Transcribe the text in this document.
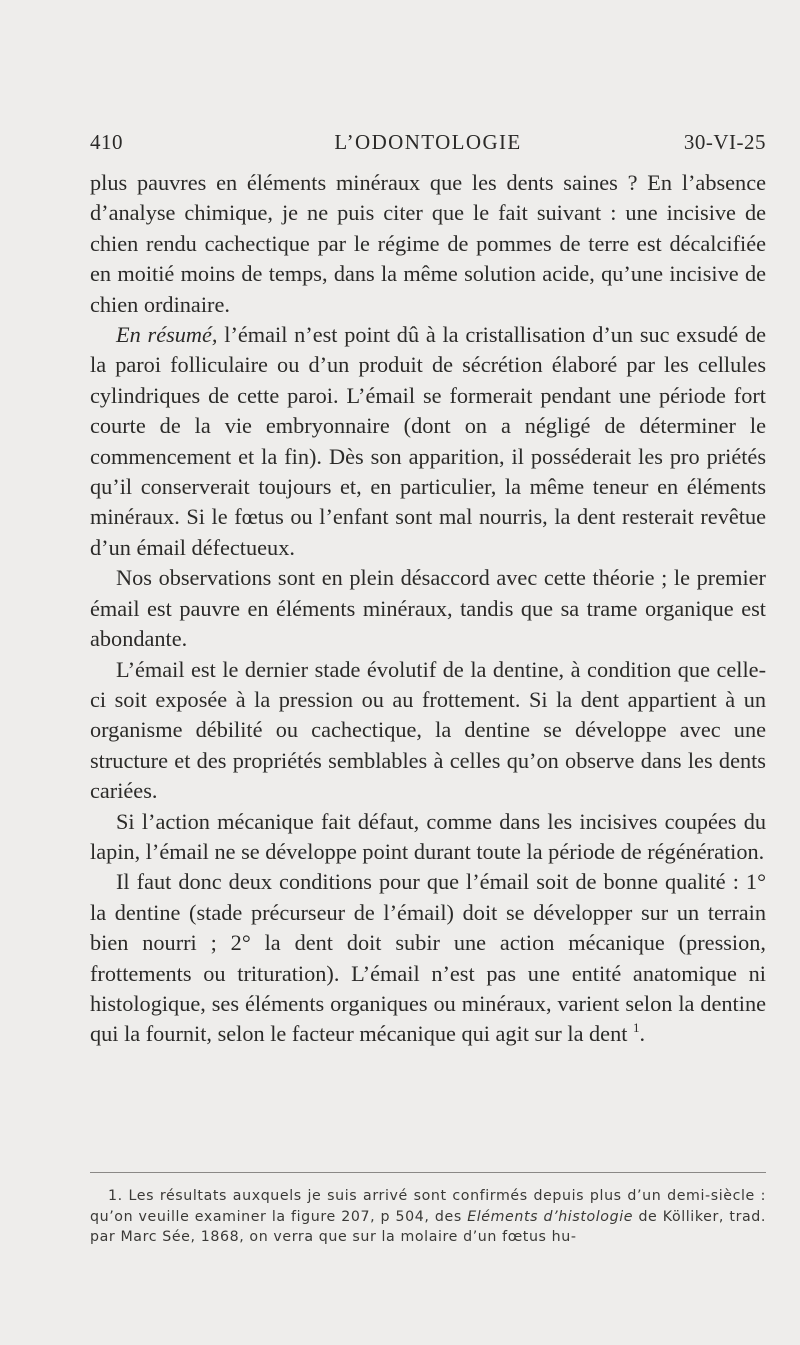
410	L’ODONTOLOGIE	30-VI-25

plus pauvres en éléments minéraux que les dents saines ? En l’absence d’analyse chimique, je ne puis citer que le fait suivant : une incisive de chien rendu cachectique par le régime de pommes de terre est décalcifiée en moitié moins de temps, dans la même solution acide, qu’une incisive de chien ordinaire.

En résumé, l’émail n’est point dû à la cristallisation d’un suc exsudé de la paroi folliculaire ou d’un produit de sécrétion élaboré par les cellules cylindriques de cette paroi. L’émail se formerait pendant une période fort courte de la vie embryonnaire (dont on a négligé de déterminer le commencement et la fin). Dès son apparition, il posséderait les pro priétés qu’il conserverait toujours et, en particulier, la même teneur en éléments minéraux. Si le fœtus ou l’enfant sont mal nourris, la dent resterait revêtue d’un émail défectueux.

Nos observations sont en plein désaccord avec cette théorie ; le premier émail est pauvre en éléments minéraux, tandis que sa trame organique est abondante.

L’émail est le dernier stade évolutif de la dentine, à condition que celle-ci soit exposée à la pression ou au frottement. Si la dent appartient à un organisme débilité ou cachectique, la dentine se développe avec une structure et des propriétés semblables à celles qu’on observe dans les dents cariées.

Si l’action mécanique fait défaut, comme dans les incisives coupées du lapin, l’émail ne se développe point durant toute la période de régénération.

Il faut donc deux conditions pour que l’émail soit de bonne qualité : 1° la dentine (stade précurseur de l’émail) doit se développer sur un terrain bien nourri ; 2° la dent doit subir une action mécanique (pression, frottements ou trituration). L’émail n’est pas une entité anatomique ni histologique, ses éléments organiques ou minéraux, varient selon la dentine qui la fournit, selon le facteur mécanique qui agit sur la dent $^1$.

1. Les résultats auxquels je suis arrivé sont confirmés depuis plus d’un demi-siècle : qu’on veuille examiner la figure 207, p 504, des Eléments d’histologie de Kölliker, trad. par Marc Sée, 1868, on verra que sur la molaire d’un fœtus hu-
